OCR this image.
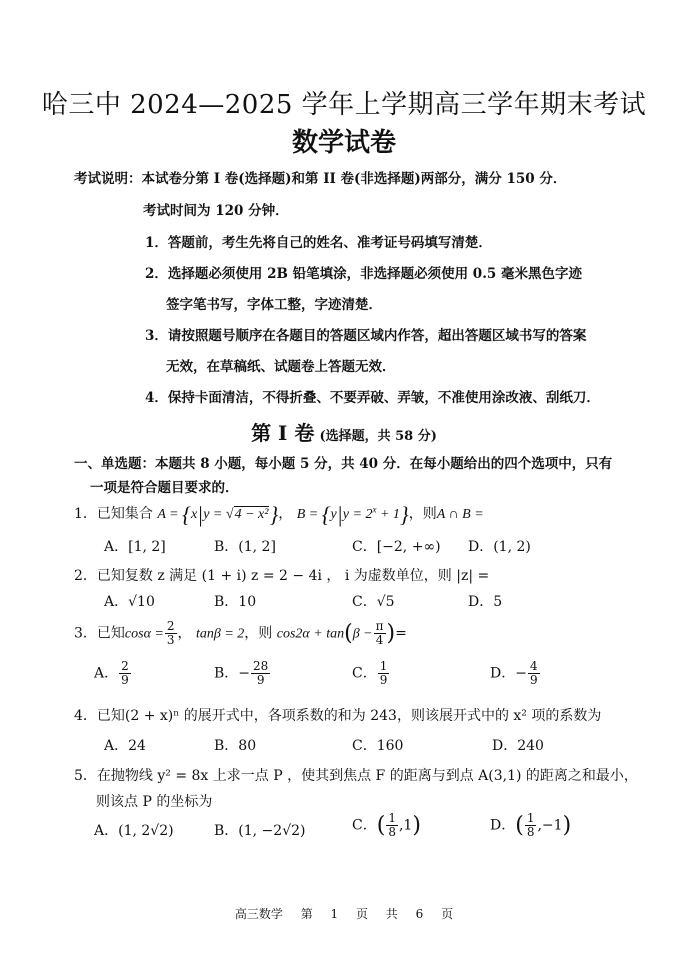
哈三中 2024—2025 学年上学期高三学年期末考试
数学试卷
考试说明：本试卷分第 I 卷(选择题)和第 II 卷(非选择题)两部分，满分 150 分．
考试时间为 120 分钟．
1．答题前，考生先将自己的姓名、准考证号码填写清楚．
2．选择题必须使用 2B 铅笔填涂，非选择题必须使用 0.5 毫米黑色字迹
签字笔书写，字体工整，字迹清楚．
3．请按照题号顺序在各题目的答题区域内作答，超出答题区域书写的答案
无效，在草稿纸、试题卷上答题无效．
4．保持卡面清洁，不得折叠、不要弄破、弄皱，不准使用涂改液、刮纸刀．
第 I 卷 (选择题，共 58 分)
一、单选题：本题共 8 小题，每小题 5 分，共 40 分．在每小题给出的四个选项中，只有
一项是符合题目要求的．
1．已知集合 A = {x|y = √4 − x²}， $B = \{y|y = 2^x + 1\}$，则A ∩ B =
A．[1, 2]	B．(1, 2]	C．[−2, +∞) D．(1, 2)
2．已知复数 z 满足 (1 + i) z = 2 − 4i ， i 为虚数单位，则 |z| =
A．√10	B．10	C．√5	D．5
3．已知$\cos\alpha = \frac{2}{3}$ ， tanβ = 2，则 $\cos 2\alpha + \tan(\beta - \frac{\pi}{4}$ )=
A． $\frac{2}{9}$	B．− $\frac{28}{9}$	C． $\frac{1}{9}$	D．− $\frac{4}{9}$
4．已知(2 + x)ⁿ 的展开式中，各项系数的和为 243，则该展开式中的 x² 项的系数为
A．24	B．80	C．160	D．240
5．在抛物线 y² = 8x 上求一点 P ，使其到焦点 F 的距离与到点 A(3,1) 的距离之和最小，
则该点 P 的坐标为
A．(1, 2√2)	B．(1, −2√2)	C．( $\frac{1}{8} ,1$)	D．( $\frac{1}{8} ,-1$)
高三数学 第 1 页 共 6 页
